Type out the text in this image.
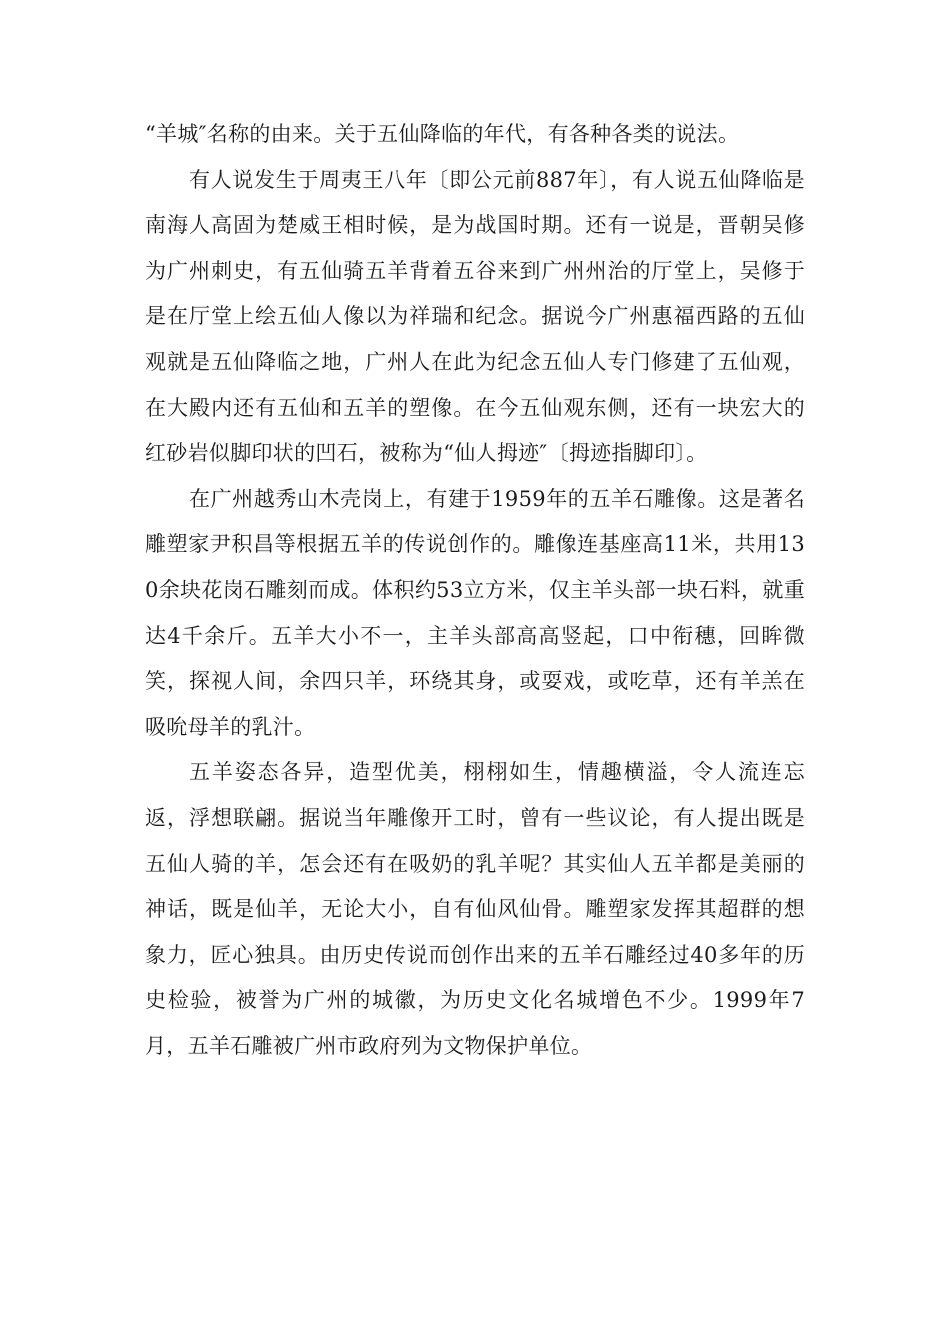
“羊城″名称的由来。关于五仙降临的年代，有各种各类的说法。

有人说发生于周夷王八年〔即公元前887年〕，有人说五仙降临是南海人高固为楚威王相时候，是为战国时期。还有一说是，晋朝吴修为广州刺史，有五仙骑五羊背着五谷来到广州州治的厅堂上，吴修于是在厅堂上绘五仙人像以为祥瑞和纪念。据说今广州惠福西路的五仙观就是五仙降临之地，广州人在此为纪念五仙人专门修建了五仙观，在大殿内还有五仙和五羊的塑像。在今五仙观东侧，还有一块宏大的红砂岩似脚印状的凹石，被称为“仙人拇迹″〔拇迹指脚印〕。

在广州越秀山木壳岗上，有建于1959年的五羊石雕像。这是著名雕塑家尹积昌等根据五羊的传说创作的。雕像连基座高11米，共用130余块花岗石雕刻而成。体积约53立方米，仅主羊头部一块石料，就重达4千余斤。五羊大小不一，主羊头部高高竖起，口中衔穗，回眸微笑，探视人间，余四只羊，环绕其身，或耍戏，或吃草，还有羊羔在吸吮母羊的乳汁。

五羊姿态各异，造型优美，栩栩如生，情趣横溢，令人流连忘返，浮想联翩。据说当年雕像开工时，曾有一些议论，有人提出既是五仙人骑的羊，怎会还有在吸奶的乳羊呢？其实仙人五羊都是美丽的神话，既是仙羊，无论大小，自有仙风仙骨。雕塑家发挥其超群的想象力，匠心独具。由历史传说而创作出来的五羊石雕经过40多年的历史检验，被誉为广州的城徽，为历史文化名城增色不少。1999年7月，五羊石雕被广州市政府列为文物保护单位。
